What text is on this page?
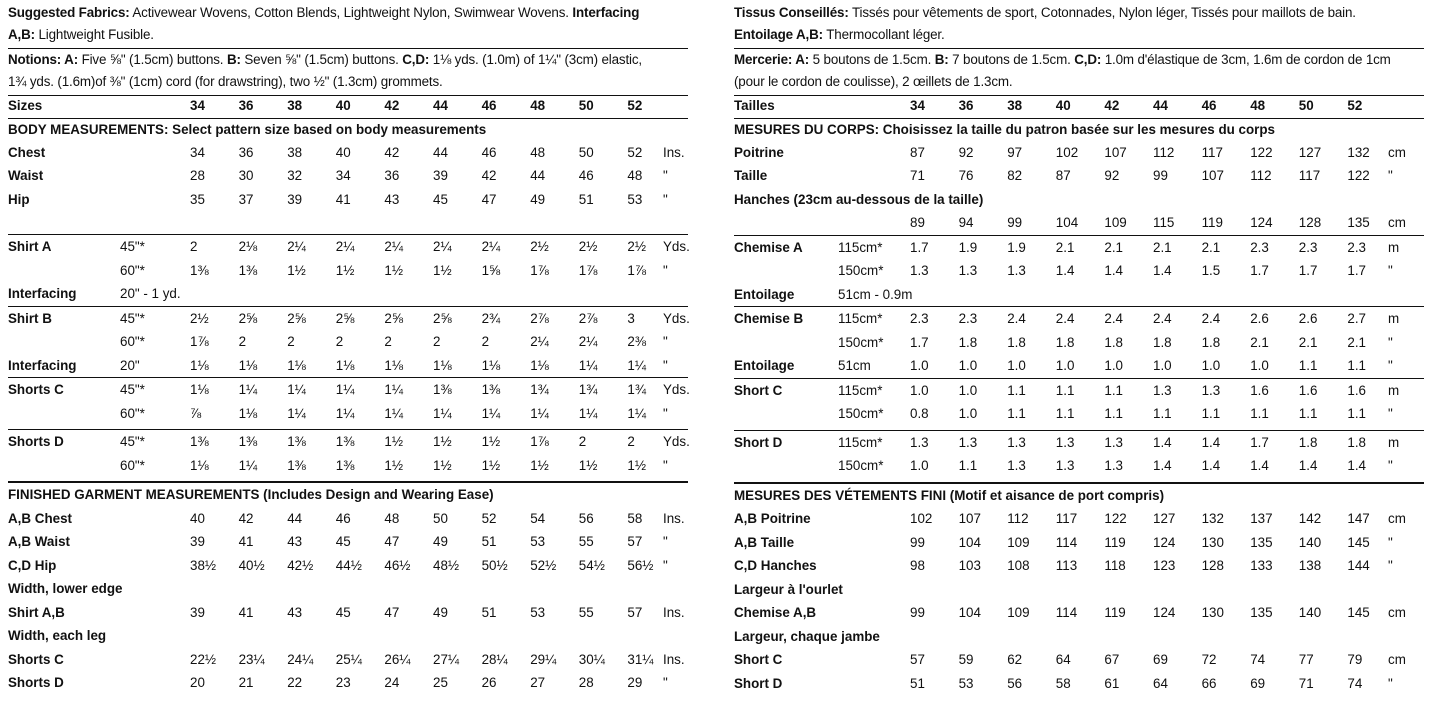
Suggested Fabrics: Activewear Wovens, Cotton Blends, Lightweight Nylon, Swimwear Wovens. Interfacing
A,B: Lightweight Fusible.
Notions: A: Five ⅝" (1.5cm) buttons. B: Seven ⅝" (1.5cm) buttons. C,D: 1⅛ yds. (1.0m) of 1¼" (3cm) elastic,
1¾ yds. (1.6m)of ⅜" (1cm) cord (for drawstring), two ½" (1.3cm) grommets.
Sizes	34	36	38	40	42	44	46	48	50	52
BODY MEASUREMENTS: Select pattern size based on body measurements
Chest	34	36	38	40	42	44	46	48	50	52 Ins.
Waist	28	30	32	34	36	39	42	44	46	48 "
Hip	35	37	39	41	43	45	47	49	51	53 "
Shirt A	45"*	2	2⅛ 2¼ 2¼ 2¼ 2¼ 2¼ 2½ 2½ 2½ Yds.
60"*	1⅜ 1⅜ 1½ 1½ 1½ 1½ 1⅝ 1⅞ 1⅞ 1⅞ "
Interfacing	20" - 1 yd.
Shirt B	45"*	2½ 2⅝ 2⅝ 2⅝ 2⅝ 2⅝ 2¾ 2⅞ 2⅞ 3 Yds.
60"*	1⅞ 2	2	2	2	2	2	2¼ 2¼ 2⅜ "
Interfacing	20"	1⅛ 1⅛ 1⅛ 1⅛ 1⅛ 1⅛ 1⅛ 1⅛ 1¼ 1¼ "
Shorts C	45"*	1⅛ 1¼ 1¼ 1¼ 1¼ 1⅜ 1⅜ 1¾ 1¾ 1¾ Yds.
60"*	⅞	1⅛ 1¼ 1¼ 1¼ 1¼ 1¼ 1¼ 1¼ 1¼ "
Shorts D	45"*	1⅜ 1⅜ 1⅜ 1⅜ 1½ 1½ 1½ 1⅞ 2	2 Yds.
60"*	1⅛ 1¼ 1⅜ 1⅜ 1½ 1½ 1½ 1½ 1½ 1½ "
FINISHED GARMENT MEASUREMENTS (Includes Design and Wearing Ease)
A,B Chest	40	42	44	46	48	50	52	54	56	58 Ins.
A,B Waist	39	41	43	45	47	49	51	53	55	57 "
C,D Hip	38½ 40½ 42½ 44½ 46½ 48½ 50½ 52½ 54½ 56½ "
Width, lower edge
Shirt A,B	39	41	43	45	47	49	51	53	55	57 Ins.
Width, each leg
Shorts C	22½ 23¼ 24¼ 25¼ 26¼ 27¼ 28¼ 29¼ 30¼ 31¼ Ins.
Shorts D	20	21	22	23	24	25	26	27	28	29 "
Tissus Conseillés: Tissés pour vêtements de sport, Cotonnades, Nylon léger, Tissés pour maillots de bain.
Entoilage A,B: Thermocollant léger.
Mercerie: A: 5 boutons de 1.5cm. B: 7 boutons de 1.5cm. C,D: 1.0m d'élastique de 3cm, 1.6m de cordon de 1cm
(pour le cordon de coulisse), 2 œillets de 1.3cm.
Tailles	34	36	38	40	42	44	46	48	50	52
MESURES DU CORPS: Choisissez la taille du patron basée sur les mesures du corps
Poitrine	87	92	97	102 107 112 117 122 127 132 cm
Taille	71	76	82	87	92	99	107 112 117 122 "
Hanches (23cm au-dessous de la taille)
89	94	99	104 109 115 119 124 128 135 cm
Chemise A	115cm* 1.7 1.9 1.9 2.1 2.1 2.1 2.1 2.3 2.3 2.3 m
150cm* 1.3 1.3 1.3 1.4 1.4 1.4 1.5 1.7 1.7 1.7 "
Entoilage	51cm - 0.9m
Chemise B	115cm* 2.3 2.3 2.4 2.4 2.4 2.4 2.4 2.6 2.6 2.7 m
150cm* 1.7 1.8 1.8 1.8 1.8 1.8 1.8 2.1 2.1 2.1 "
Entoilage	51cm	1.0 1.0 1.0 1.0 1.0 1.0 1.0 1.0 1.1 1.1 "
Short C	115cm* 1.0 1.0 1.1 1.1 1.1 1.3 1.3 1.6 1.6 1.6 m
150cm* 0.8 1.0 1.1 1.1 1.1 1.1 1.1 1.1 1.1 1.1 "
Short D	115cm* 1.3 1.3 1.3 1.3 1.3 1.4 1.4 1.7 1.8 1.8 m
150cm* 1.0 1.1 1.3 1.3 1.3 1.4 1.4 1.4 1.4 1.4 "
MESURES DES VÉTEMENTS FINI (Motif et aisance de port compris)
A,B Poitrine	102 107 112 117 122 127 132 137 142 147 cm
A,B Taille	99	104 109 114 119 124 130 135 140 145 "
C,D Hanches	98	103 108 113 118 123 128 133 138 144 "
Largeur à l'ourlet
Chemise A,B	99	104 109 114 119 124 130 135 140 145 cm
Largeur, chaque jambe
Short C	57	59	62	64	67	69	72	74	77	79 cm
Short D	51	53	56	58	61	64	66	69	71	74 "
